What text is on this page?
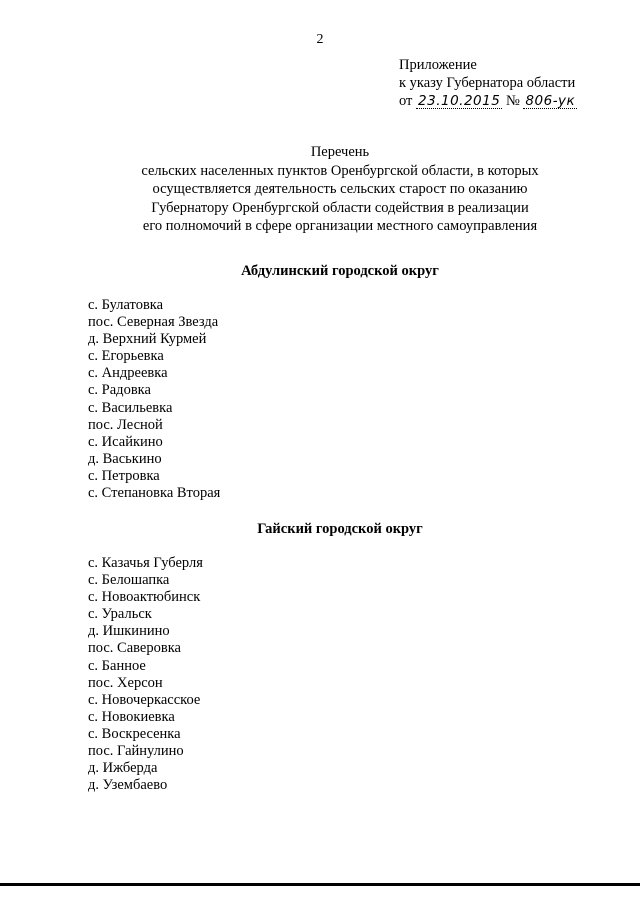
2
Приложение
к указу Губернатора области
от 23.10.2015 № 806-ук
Перечень
сельских населенных пунктов Оренбургской области, в которых
осуществляется деятельность сельских старост по оказанию
Губернатору Оренбургской области содействия в реализации
его полномочий в сфере организации местного самоуправления
Абдулинский городской округ
с. Булатовка
пос. Северная Звезда
д. Верхний Курмей
с. Егорьевка
с. Андреевка
с. Радовка
с. Васильевка
пос. Лесной
с. Исайкино
д. Васькино
с. Петровка
с. Степановка Вторая
Гайский городской округ
с. Казачья Губерля
с. Белошапка
с. Новоактюбинск
с. Уральск
д. Ишкинино
пос. Саверовка
с. Банное
пос. Херсон
с. Новочеркасское
с. Новокиевка
с. Воскресенка
пос. Гайнулино
д. Ижберда
д. Узембаево
